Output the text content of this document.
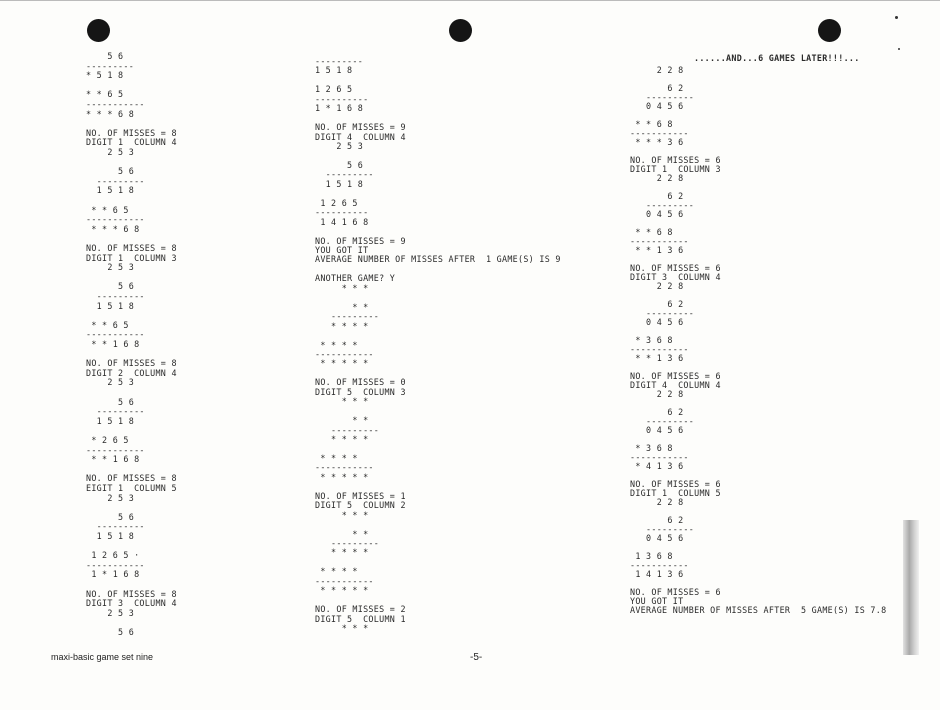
5 6
---------
* 5 1 8
* * 6 5
-----------
* * * 6 8
NO. OF MISSES = 8
DIGIT 1  COLUMN 4
2 5 3
5 6
---------
1 5 1 8
* * 6 5
-----------
* * * 6 8
NO. OF MISSES = 8
DIGIT 1  COLUMN 3
2 5 3
5 6
---------
1 5 1 8
* * 6 5
-----------
* * 1 6 8
NO. OF MISSES = 8
DIGIT 2  COLUMN 4
2 5 3
5 6
---------
1 5 1 8
* 2 6 5
-----------
* * 1 6 8
NO. OF MISSES = 8
EIGIT 1  COLUMN 5
2 5 3
5 6
---------
1 5 1 8
1 2 6 5 ·
-----------
1 * 1 6 8
NO. OF MISSES = 8
DIGIT 3  COLUMN 4
2 5 3
5 6
---------
1 5 1 8
1 2 6 5
----------
1 * 1 6 8
NO. OF MISSES = 9
DIGIT 4  COLUMN 4
2 5 3
5 6
---------
1 5 1 8
1 2 6 5
----------
1 4 1 6 8
NO. OF MISSES = 9
YOU GOT IT
AVERAGE NUMBER OF MISSES AFTER  1 GAME(S) IS 9
ANOTHER GAME? Y
* * *
* *
---------
* * * *
* * * *
-----------
* * * * *
NO. OF MISSES = 0
DIGIT 5  COLUMN 3
* * *
* *
---------
* * * *
* * * *
-----------
* * * * *
NO. OF MISSES = 1
DIGIT 5  COLUMN 2
* * *
* *
---------
* * * *
* * * *
-----------
* * * * *
NO. OF MISSES = 2
DIGIT 5  COLUMN 1
* * *
......AND...6 GAMES LATER!!!...
2 2 8
6 2
---------
0 4 5 6
* * 6 8
-----------
* * * 3 6
NO. OF MISSES = 6
DIGIT 1  COLUMN 3
2 2 8
6 2
---------
0 4 5 6
* * 6 8
-----------
* * 1 3 6
NO. OF MISSES = 6
DIGIT 3  COLUMN 4
2 2 8
6 2
---------
0 4 5 6
* 3 6 8
-----------
* * 1 3 6
NO. OF MISSES = 6
DIGIT 4  COLUMN 4
2 2 8
6 2
---------
0 4 5 6
* 3 6 8
-----------
* 4 1 3 6
NO. OF MISSES = 6
DIGIT 1  COLUMN 5
2 2 8
6 2
---------
0 4 5 6
1 3 6 8
-----------
1 4 1 3 6
NO. OF MISSES = 6
YOU GOT IT
AVERAGE NUMBER OF MISSES AFTER  5 GAME(S) IS 7.8
maxi-basic game set nine	-5-
